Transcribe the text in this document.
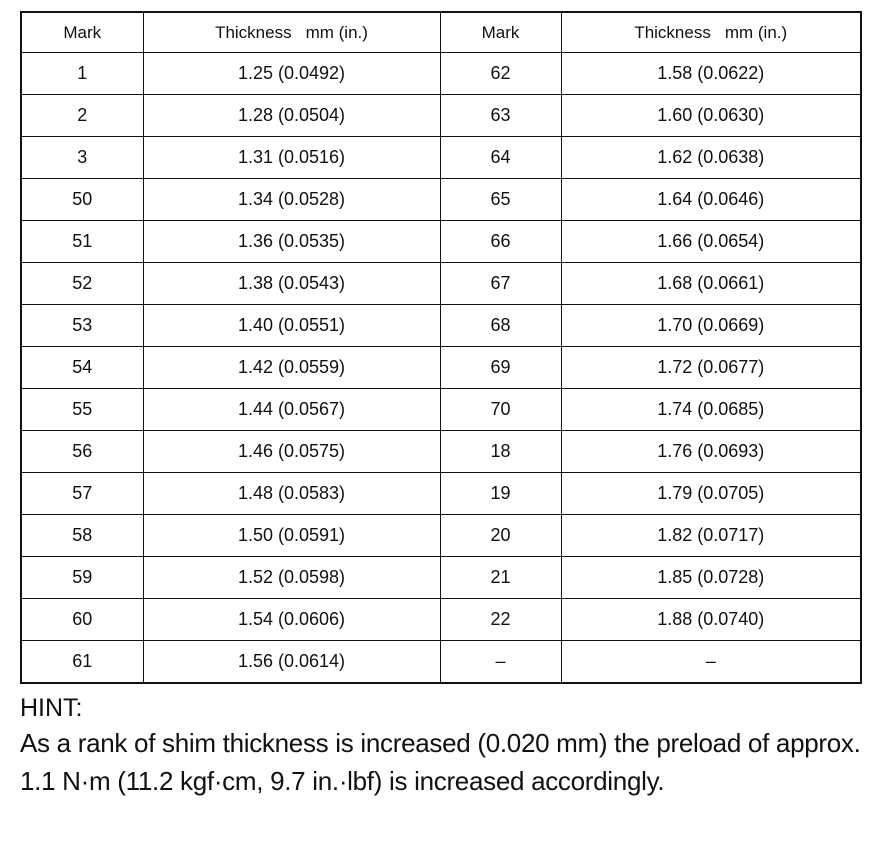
Mark	Thickness mm (in.)	Mark	Thickness mm (in.)
1	1.25 (0.0492)	62	1.58 (0.0622)
2	1.28 (0.0504)	63	1.60 (0.0630)
3	1.31 (0.0516)	64	1.62 (0.0638)
50	1.34 (0.0528)	65	1.64 (0.0646)
51	1.36 (0.0535)	66	1.66 (0.0654)
52	1.38 (0.0543)	67	1.68 (0.0661)
53	1.40 (0.0551)	68	1.70 (0.0669)
54	1.42 (0.0559)	69	1.72 (0.0677)
55	1.44 (0.0567)	70	1.74 (0.0685)
56	1.46 (0.0575)	18	1.76 (0.0693)
57	1.48 (0.0583)	19	1.79 (0.0705)
58	1.50 (0.0591)	20	1.82 (0.0717)
59	1.52 (0.0598)	21	1.85 (0.0728)
60	1.54 (0.0606)	22	1.88 (0.0740)
61	1.56 (0.0614)	–	–

HINT:

As a rank of shim thickness is increased (0.020 mm) the preload of approx. 1.1 N·m (11.2 kgf·cm, 9.7 in.·lbf) is increased accordingly.
